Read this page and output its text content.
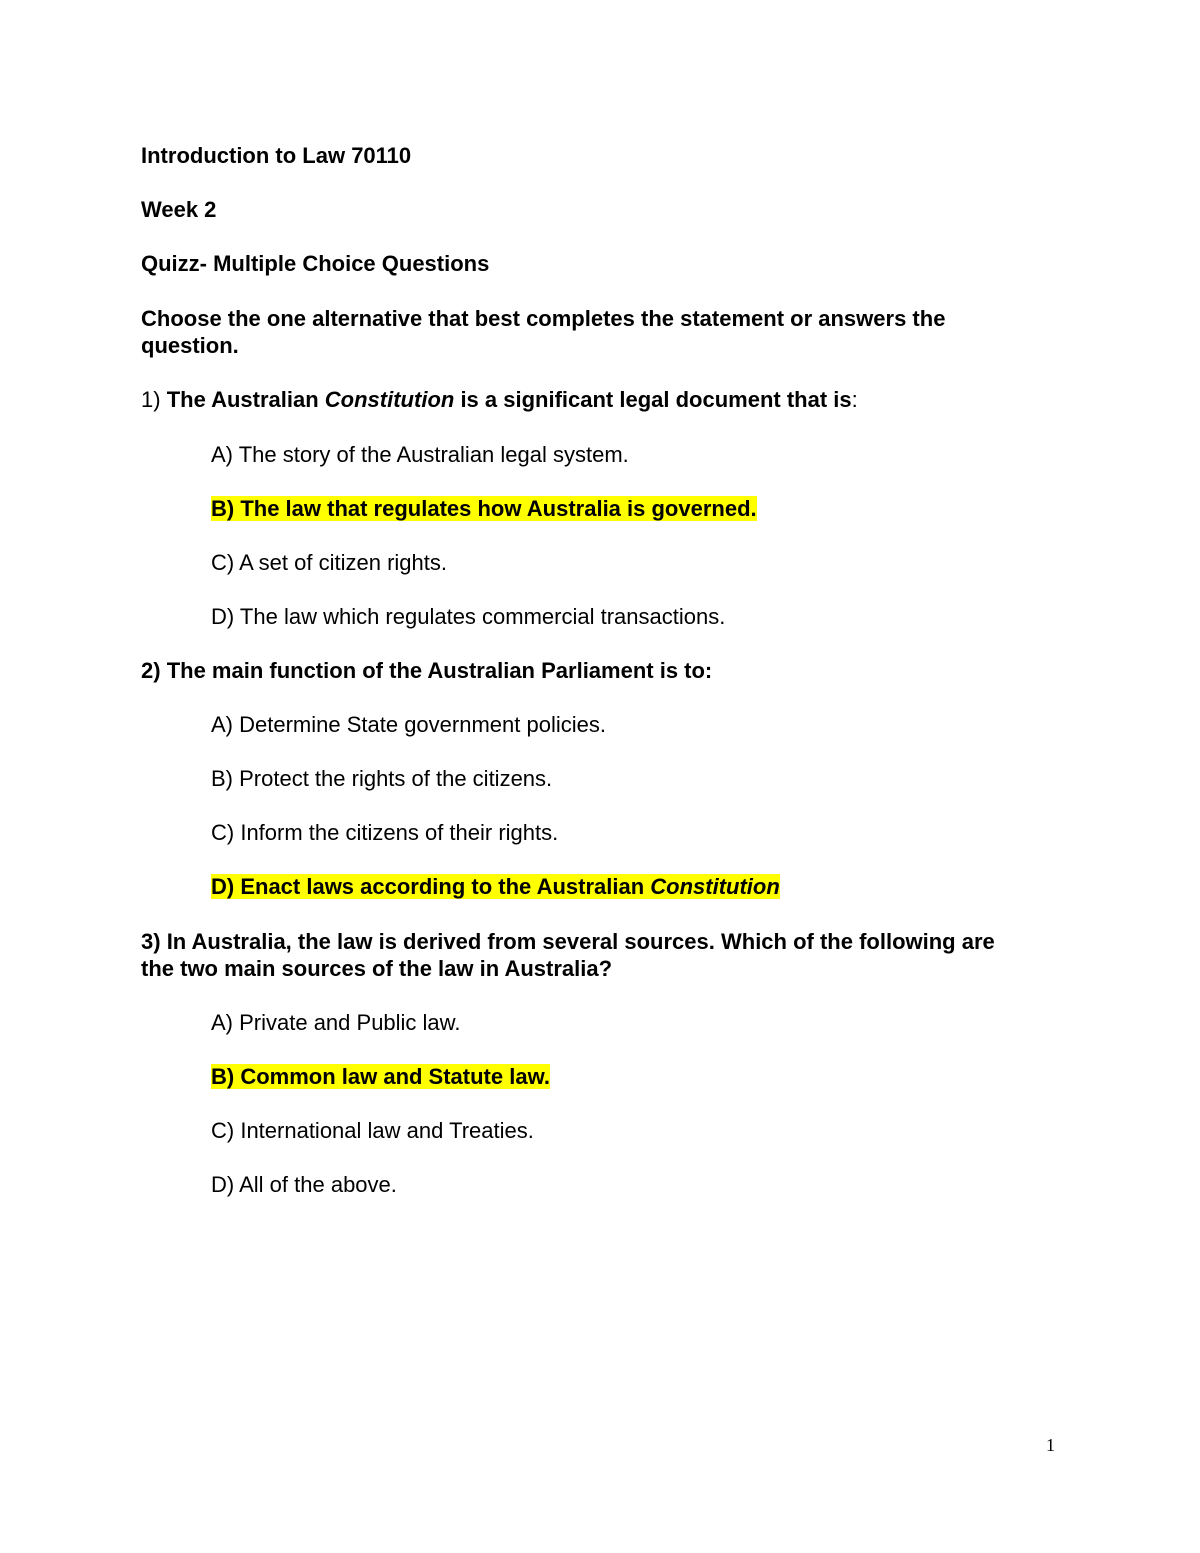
Introduction to Law 70110
Week 2
Quizz- Multiple Choice Questions
Choose the one alternative that best completes the statement or answers the
question.
1) The Australian Constitution is a significant legal document that is:
A) The story of the Australian legal system.
B) The law that regulates how Australia is governed.
C) A set of citizen rights.
D) The law which regulates commercial transactions.
2) The main function of the Australian Parliament is to:
A) Determine State government policies.
B) Protect the rights of the citizens.
C) Inform the citizens of their rights.
D) Enact laws according to the Australian Constitution
3) In Australia, the law is derived from several sources. Which of the following are
the two main sources of the law in Australia?
A) Private and Public law.
B) Common law and Statute law.
C) International law and Treaties.
D) All of the above.
1
